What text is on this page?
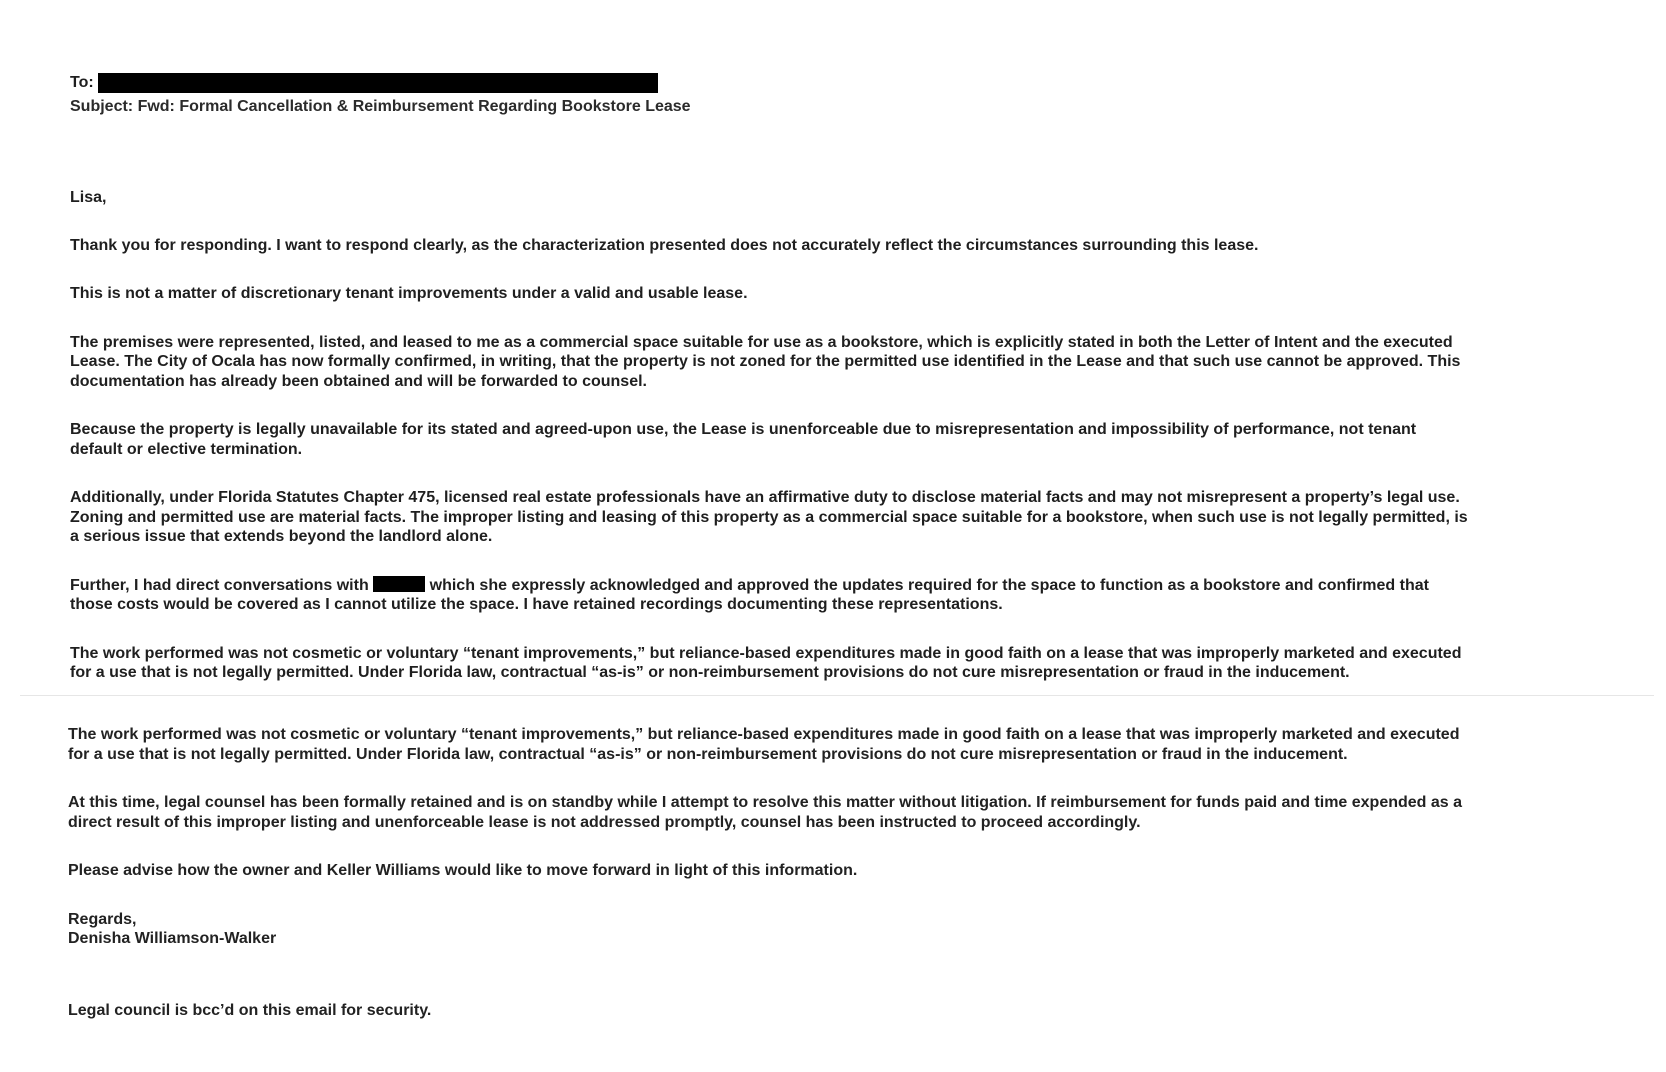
To:
Subject: Fwd: Formal Cancellation & Reimbursement Regarding Bookstore Lease

Lisa,

Thank you for responding. I want to respond clearly, as the characterization presented does not accurately reflect the circumstances surrounding this lease.

This is not a matter of discretionary tenant improvements under a valid and usable lease.

The premises were represented, listed, and leased to me as a commercial space suitable for use as a bookstore, which is explicitly stated in both the Letter of Intent and the executed
Lease. The City of Ocala has now formally confirmed, in writing, that the property is not zoned for the permitted use identified in the Lease and that such use cannot be approved. This
documentation has already been obtained and will be forwarded to counsel.

Because the property is legally unavailable for its stated and agreed-upon use, the Lease is unenforceable due to misrepresentation and impossibility of performance, not tenant
default or elective termination.

Additionally, under Florida Statutes Chapter 475, licensed real estate professionals have an affirmative duty to disclose material facts and may not misrepresent a property’s legal use.
Zoning and permitted use are material facts. The improper listing and leasing of this property as a commercial space suitable for a bookstore, when such use is not legally permitted, is
a serious issue that extends beyond the landlord alone.

Further, I had direct conversations with	which she expressly acknowledged and approved the updates required for the space to function as a bookstore and confirmed that
those costs would be covered as I cannot utilize the space. I have retained recordings documenting these representations.

The work performed was not cosmetic or voluntary “tenant improvements,” but reliance-based expenditures made in good faith on a lease that was improperly marketed and executed
for a use that is not legally permitted. Under Florida law, contractual “as-is” or non-reimbursement provisions do not cure misrepresentation or fraud in the inducement.

The work performed was not cosmetic or voluntary “tenant improvements,” but reliance-based expenditures made in good faith on a lease that was improperly marketed and executed
for a use that is not legally permitted. Under Florida law, contractual “as-is” or non-reimbursement provisions do not cure misrepresentation or fraud in the inducement.

At this time, legal counsel has been formally retained and is on standby while I attempt to resolve this matter without litigation. If reimbursement for funds paid and time expended as a
direct result of this improper listing and unenforceable lease is not addressed promptly, counsel has been instructed to proceed accordingly.

Please advise how the owner and Keller Williams would like to move forward in light of this information.

Regards,

Denisha Williamson-Walker

Legal council is bcc’d on this email for security.
